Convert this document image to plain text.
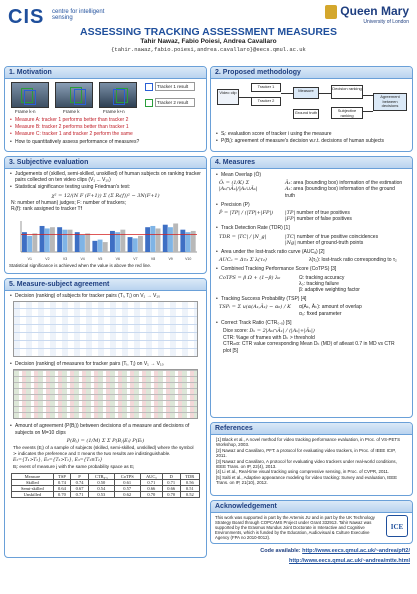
CIS centre for intelligent sensing	Queen Mary
University of London
ASSESSING TRACKING ASSESSMENT MEASURES
Tahir Nawaz, Fabio Poiesi, Andrea Cavallaro
{tahir.nawaz,fabio.poiesi,andrea.cavallaro}@eecs.qmul.ac.uk
1. Motivation
Frame k-n	Frame k	Frame k+n
Tracker 1 result
Tracker 2 result
• Measure A: tracker 1 performs better than tracker 2
• Measure B: tracker 2 performs better than tracker 1
• Measure C: tracker 1 and tracker 2 perform the same
• How to quantitatively assess performance of measures?
2. Proposed methodology
Video clip
Tracker 1
Tracker 2
Measure	Decision ranking
Ground truth	Subjective ranking
Agreement between decisions
• Sᵢ: evaluation score of tracker i using the measure
• P(Bⱼ): agreement of measure's decision w.r.t. decisions of human subjects
3. Subjective evaluation
• Judgements of (skilled, semi-skilled, unskilled) of human subjects on ranking tracker pairs collected on ten video clips (V₁ ... V₁₀)
• Statistical significance testing using Friedman's test:
χ² = 12/(N F (F+1)) Σ (Σ Rᵢ(f))² − 3N(F+1)
N: number of human) judges; F: number of trackers;
Rᵢ(f): rank assigned to tracker Tf
V1	V2	V3	V4	V5	V6	V7	V8	V9	V10
Statistical significance is achieved when the value is above the red line.
5. Measure-subject agreement
• Decision (ranking) of subjects for tracker pairs (Tᵢ, Tⱼ) on V₁ → V₁₀
• Decision (ranking) of measures for tracker pairs (Tᵢ, Tⱼ) on V₁ → V₁₀
• Amount of agreement (P(Bⱼ)) between decisions of a measure and decisions of subjects on M=10 clips
P(Bⱼ) = (1/M) Σ Σ P(Bⱼ|Eᵢ) P(Eᵢ)
The events (Eⱼ) of a sample of subjects (skilled, semi-skilled, unskilled) where the symbol ≻ indicates the preference and ≡ means the two results are indistinguishable.
E₁={T₁≻T₂}, E₂={T₂≻T₁}, E₃={T₁≡T₂}
Bⱼ: event of measure j with the same probability space as Eⱼ
Measure	TSP	P	CTR₀.₅	CoTPS	AUCₐ	D	TDR
Skilled	0.74	0.74	0.50	0.61	0.71	0.71	0.56
Semi-skilled	0.64	0.67	0.54	0.57	0.66	0.66	0.51
Unskilled	0.70	0.71	0.53	0.62	0.70	0.70	0.52
4. Measures
• Mean Overlap (Ō)
Ōᵢ = (1/K) Σ |Aₖ∩Āₖ|/|Aₖ∪Āₖ|
Āₖ: area (bounding box) information of the estimation
Aₖ: area (bounding box) information of the ground truth
• Precision (P)
P̄ = |TP| / (|TP|+|FP|)	|TP| number of true positives
|FP| number of false positives
• Track Detection Rate (TDR) [1]
TDR = |TC| / |N_g|	|TC| number of true positive coincidences
|Ng| number of ground-truth points
• Area under the lost-track ratio curve (AUCₐ) [2]
AUCₐ = Δτ₂ Σ λ(τ₂)	λ(τ₂): lost-track ratio corresponding to τ₂
• Combined Tracking Performance Score (CoTPS) [3]
CoTPS = β Ω + (1−β) λ₀	Ω: tracking accuracy
λ₀: tracking failure
β: adaptive weighting factor
• Tracking Success Probability (TSP) [4]
TSPᵢ = Σ u(α(Aₖ,Āₖ) − α₀) / K	α(Aₖ, Āₖ): amount of overlap
α₀: fixed parameter
• Correct Track Ratio (CTR₀.₅) [5]
Dice score: Dₖ = 2|Aₖ∩Āₖ| / (|Aₖ|+|Āₖ|)
CTR: %age of frames with Dₖ > threshold
CTRₘᴅ: CTR value corresponding Mean Dₖ (MD) of atleast 0.7 in MD vs CTR plot [5]
References
[1] Black et al., A novel method for video tracking performance evaluation, in Proc. of VS-PETS Workshop, 2003.
[2] Nawaz and Cavallaro, PFT: a protocol for evaluating video trackers, in Proc. of IEEE ICIP, 2011.
[3] Nawaz and Cavallaro, A protocol for evaluating video trackers under real-world conditions, IEEE Trans. on IP, 22(4), 2013.
[4] Li et al., Real-time visual tracking using compressive sensing, in Proc. of CVPR, 2011.
[5] Salti et al., Adaptive appearance modeling for video tracking: Survey and evaluation, IEEE Trans. on IP, 21(10), 2012.
Acknowledgement
This work was supported in part by the Artemis JU and in part by the UK Technology Strategy Board through COPCAMS Project under Grant 332913. Tahir Nawaz was supported by the Erasmus Mundus Joint Doctorate in Interactive and Cognitive Environments, which is funded by the Education, Audiovisual & Culture Executive Agency (FPA no 2010-0012).
ICE
Code available: http://www.eecs.qmul.ac.uk/~andrea/pft2/
http://www.eecs.qmul.ac.uk/~andrea/mtte.html
